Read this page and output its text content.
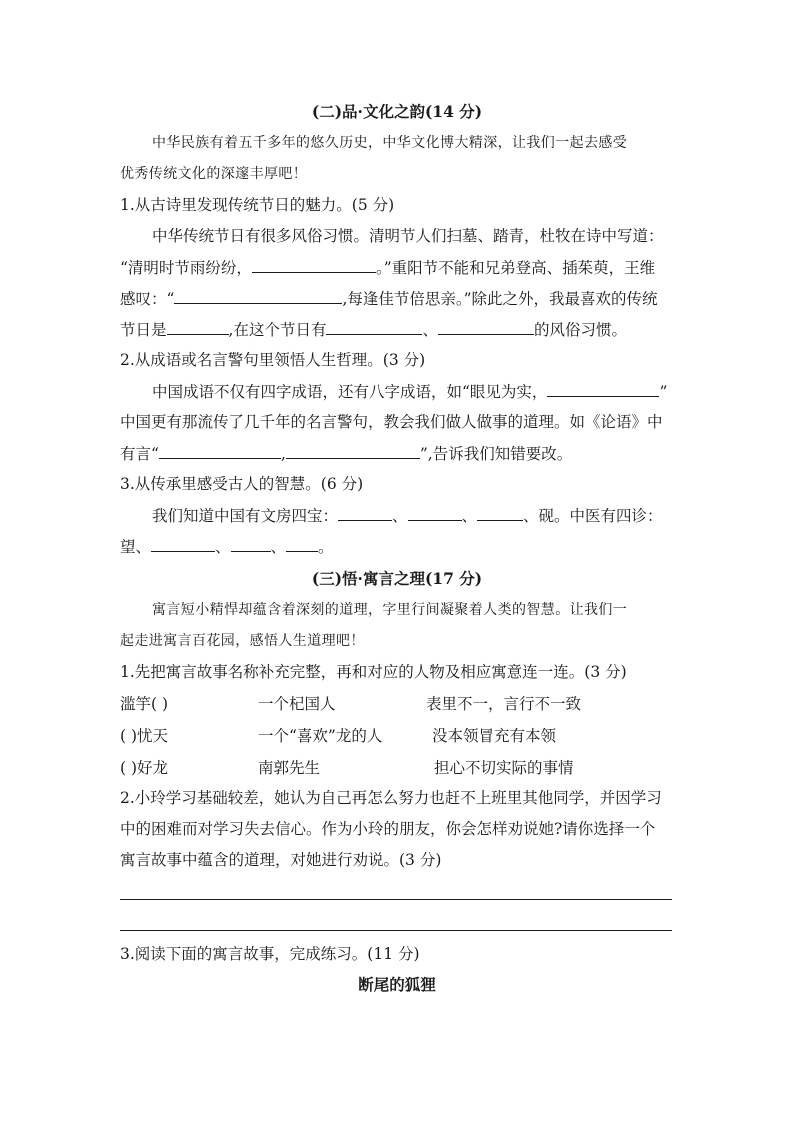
(二)品·文化之韵(14 分)
中华民族有着五千多年的悠久历史，中华文化博大精深，让我们一起去感受
优秀传统文化的深邃丰厚吧！
1.从古诗里发现传统节日的魅力。(5 分)
中华传统节日有很多风俗习惯。清明节人们扫墓、踏青，杜牧在诗中写道：
“清明时节雨纷纷，	。”重阳节不能和兄弟登高、插茱萸，王维
感叹：“	,每逢佳节倍思亲。”除此之外，我最喜欢的传统
节日是	,在这个节日有	、	的风俗习惯。
2.从成语或名言警句里领悟人生哲理。(3 分)
中国成语不仅有四字成语，还有八字成语，如“眼见为实，	”
中国更有那流传了几千年的名言警句，教会我们做人做事的道理。如《论语》中
有言“	,	”,告诉我们知错要改。
3.从传承里感受古人的智慧。(6 分)
我们知道中国有文房四宝：	、	、	、砚。中医有四诊：
望、	、	、 。
(三)悟·寓言之理(17 分)
寓言短小精悍却蕴含着深刻的道理，字里行间凝聚着人类的智慧。让我们一
起走进寓言百花园，感悟人生道理吧！
1.先把寓言故事名称补充完整，再和对应的人物及相应寓意连一连。(3 分)
滥竽( )	一个杞国人	表里不一，言行不一致
( )忧天	一个“喜欢”龙的人	没本领冒充有本领
( )好龙	南郭先生	担心不切实际的事情
2.小玲学习基础较差，她认为自己再怎么努力也赶不上班里其他同学，并因学习
中的困难而对学习失去信心。作为小玲的朋友，你会怎样劝说她?请你选择一个
寓言故事中蕴含的道理，对她进行劝说。(3 分)
3.阅读下面的寓言故事，完成练习。(11 分)
断尾的狐狸
